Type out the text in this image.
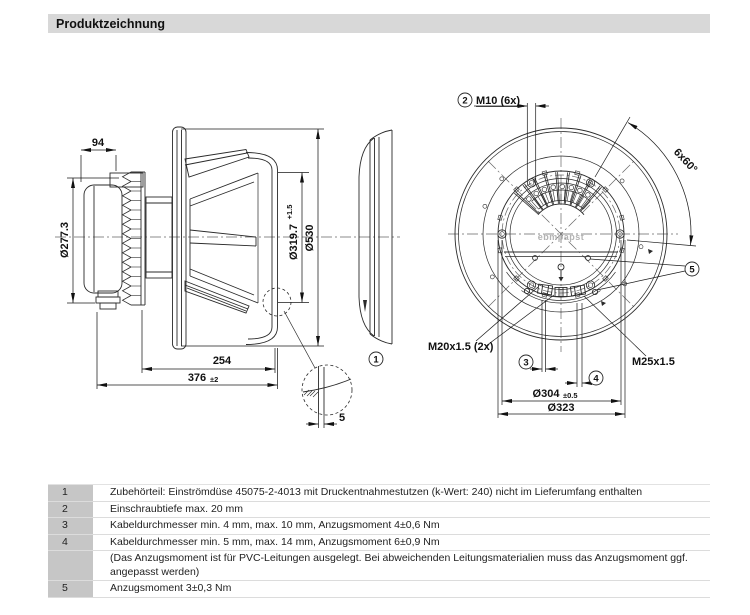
Produktzeichnung
94
Ø277.3	Ø319.7
+1.5
Ø530
254
376 ±2
5
1
ebmpapst
M10 (6x)
6x60°
M20x1.5 (2x)
M25x1.5
Ø304 ±0.5
Ø323
2
3
4
5
1	Zubehörteil: Einströmdüse 45075-2-4013 mit Druckentnahmestutzen (k-Wert: 240) nicht im Lieferumfang enthalten
2	Einschraubtiefe max. 20 mm
3	Kabeldurchmesser min. 4 mm, max. 10 mm, Anzugsmoment 4±0,6 Nm
4	Kabeldurchmesser min. 5 mm, max. 14 mm, Anzugsmoment 6±0,9 Nm
(Das Anzugsmoment ist für PVC-Leitungen ausgelegt. Bei abweichenden Leitungsmaterialien muss das Anzugsmoment ggf. angepasst werden)
5	Anzugsmoment 3±0,3 Nm
